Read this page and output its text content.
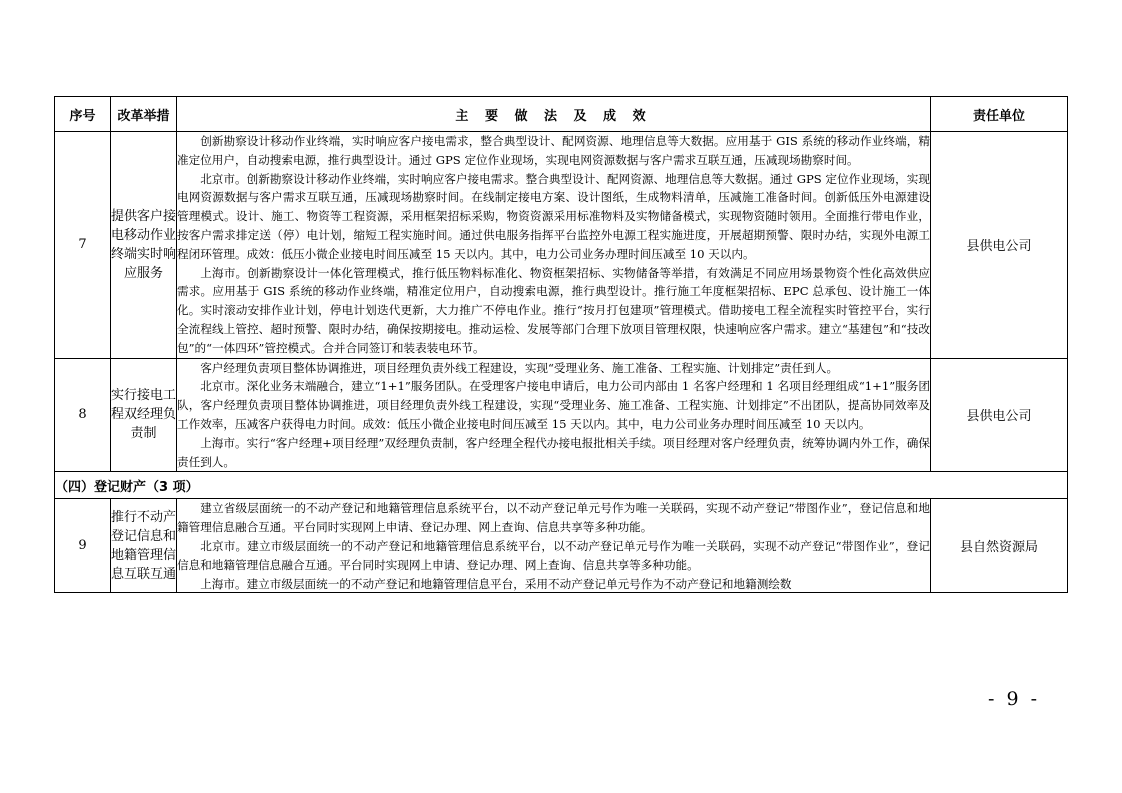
序号	改革举措	主 要 做 法 及 成 效	责任单位
7	提供客户接电移动作业终端实时响应服务	创新勘察设计移动作业终端，实时响应客户接电需求，整合典型设计、配网资源、地理信息等大数据。应用基于 GIS 系统的移动作业终端，精准定位用户，自动搜索电源，推行典型设计。通过 GPS 定位作业现场，实现电网资源数据与客户需求互联互通，压减现场勘察时间。

北京市。创新勘察设计移动作业终端，实时响应客户接电需求。整合典型设计、配网资源、地理信息等大数据。通过 GPS 定位作业现场，实现电网资源数据与客户需求互联互通，压减现场勘察时间。在线制定接电方案、设计图纸，生成物料清单，压减施工准备时间。创新低压外电源建设管理模式。设计、施工、物资等工程资源，采用框架招标采购，物资资源采用标准物料及实物储备模式，实现物资随时领用。全面推行带电作业，按客户需求排定送（停）电计划，缩短工程实施时间。通过供电服务指挥平台监控外电源工程实施进度，开展超期预警、限时办结，实现外电源工程闭环管理。成效：低压小微企业接电时间压减至 15 天以内。其中，电力公司业务办理时间压减至 10 天以内。

上海市。创新勘察设计一体化管理模式，推行低压物料标准化、物资框架招标、实物储备等举措，有效满足不同应用场景物资个性化高效供应需求。应用基于 GIS 系统的移动作业终端，精准定位用户，自动搜索电源，推行典型设计。推行施工年度框架招标、EPC 总承包、设计施工一体化。实时滚动安排作业计划，停电计划迭代更新，大力推广不停电作业。推行“按月打包建项”管理模式。借助接电工程全流程实时管控平台，实行全流程线上管控、超时预警、限时办结，确保按期接电。推动运检、发展等部门合理下放项目管理权限，快速响应客户需求。建立“基建包”和“技改包”的“一体四环”管控模式。合并合同签订和装表装电环节。	县供电公司
8	实行接电工程双经理负责制	客户经理负责项目整体协调推进，项目经理负责外线工程建设，实现“受理业务、施工准备、工程实施、计划排定”责任到人。

北京市。深化业务末端融合，建立“1+1”服务团队。在受理客户接电申请后，电力公司内部由 1 名客户经理和 1 名项目经理组成“1+1”服务团队，客户经理负责项目整体协调推进，项目经理负责外线工程建设，实现“受理业务、施工准备、工程实施、计划排定”不出团队，提高协同效率及工作效率，压减客户获得电力时间。成效：低压小微企业接电时间压减至 15 天以内。其中，电力公司业务办理时间压减至 10 天以内。

上海市。实行“客户经理+项目经理”双经理负责制，客户经理全程代办接电报批相关手续。项目经理对客户经理负责，统筹协调内外工作，确保责任到人。	县供电公司
（四）登记财产（3 项）			
9	推行不动产登记信息和地籍管理信息互联互通	建立省级层面统一的不动产登记和地籍管理信息系统平台，以不动产登记单元号作为唯一关联码，实现不动产登记“带图作业”，登记信息和地籍管理信息融合互通。平台同时实现网上申请、登记办理、网上查询、信息共享等多种功能。

北京市。建立市级层面统一的不动产登记和地籍管理信息系统平台，以不动产登记单元号作为唯一关联码，实现不动产登记“带图作业”，登记信息和地籍管理信息融合互通。平台同时实现网上申请、登记办理、网上查询、信息共享等多种功能。

上海市。建立市级层面统一的不动产登记和地籍管理信息平台，采用不动产登记单元号作为不动产登记和地籍测绘数	县自然资源局
- 9 -
